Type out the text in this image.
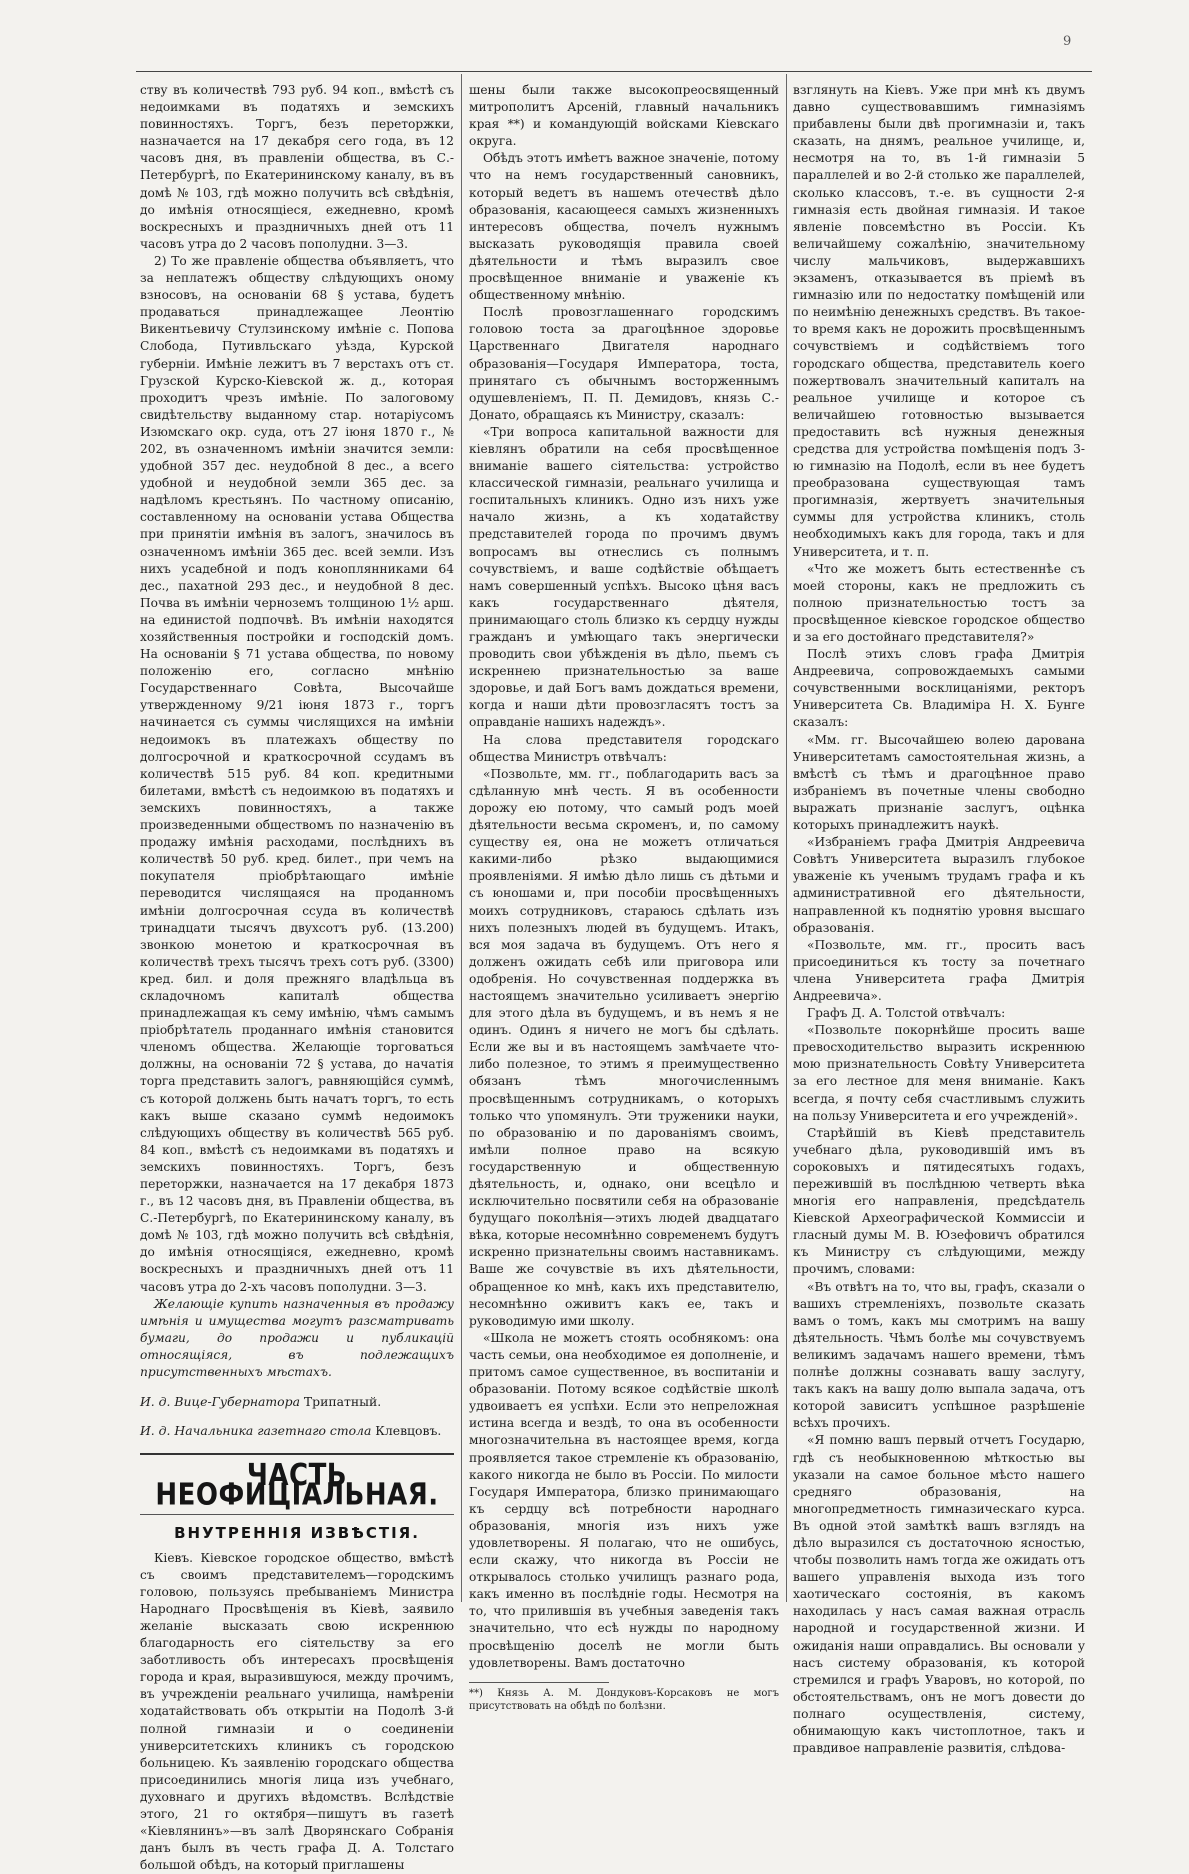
9

ству въ количествѣ 793 руб. 94 коп., вмѣстѣ съ недоимками въ податяхъ и земскихъ повинностяхъ. Торгъ, безъ переторжки, назначается на 17 декабря сего года, въ 12 часовъ дня, въ правленіи общества, въ С.-Петербургѣ, по Екатерининскому каналу, въ въ домѣ № 103, гдѣ можно получить всѣ свѣдѣнія, до имѣнія относящіеся, ежедневно, кромѣ воскресныхъ и праздничныхъ дней отъ 11 часовъ утра до 2 часовъ пополудни. 3—3.

2) То же правленіе общества объявляетъ, что за неплатежъ обществу слѣдующихъ оному взносовъ, на основаніи 68 § устава, будетъ продаваться принадлежащее Леонтію Викентьевичу Стулзинскому имѣніе с. Попова Слобода, Путивльскаго уѣзда, Курской губерніи. Имѣніе лежитъ въ 7 верстахъ отъ ст. Грузской Курско-Кіевской ж. д., которая проходитъ чрезъ имѣніе. По залоговому свидѣтельству выданному стар. нотаріусомъ Изюмскаго окр. суда, отъ 27 іюня 1870 г., № 202, въ означенномъ имѣніи значится земли: удобной 357 дес. неудобной 8 дес., а всего удобной и неудобной земли 365 дес. за надѣломъ крестьянъ. По частному описанію, составленному на основаніи устава Общества при принятіи имѣнія въ залогъ, значилось въ означенномъ имѣніи 365 дес. всей земли. Изъ нихъ усадебной и подъ коноплянниками 64 дес., пахатной 293 дес., и неудобной 8 дес. Почва въ имѣніи черноземъ толщиною 1½ арш. на единистой подпочвѣ. Въ имѣніи находятся хозяйственныя постройки и господскій домъ. На основаніи § 71 устава общества, по новому положенію его, согласно мнѣнію Государственнаго Совѣта, Высочайше утвержденному 9/21 іюня 1873 г., торгъ начинается съ суммы числящихся на имѣніи недоимокъ въ платежахъ обществу по долгосрочной и краткосрочной ссудамъ въ количествѣ 515 руб. 84 коп. кредитными билетами, вмѣстѣ съ недоимкою въ податяхъ и земскихъ повинностяхъ, а также произведенными обществомъ по назначенію въ продажу имѣнія расходами, послѣднихъ въ количествѣ 50 руб. кред. билет., при чемъ на покупателя пріобрѣтающаго имѣніе переводится числящаяся на проданномъ имѣніи долгосрочная ссуда въ количествѣ тринадцати тысячъ двухсотъ руб. (13.200) звонкою монетою и краткосрочная въ количествѣ трехъ тысячъ трехъ сотъ руб. (3300) кред. бил. и доля прежняго владѣльца въ складочномъ капиталѣ общества принадлежащая къ сему имѣнію, чѣмъ самымъ пріобрѣтатель проданнаго имѣнія становится членомъ общества. Желающіе торговаться должны, на основаніи 72 § устава, до начатія торга представить залогъ, равняющійся суммѣ, съ которой должень быть начатъ торгъ, то есть какъ выше сказано суммѣ недоимокъ слѣдующихъ обществу въ количествѣ 565 руб. 84 коп., вмѣстѣ съ недоимками въ податяхъ и земскихъ повинностяхъ. Торгъ, безъ переторжки, назначается на 17 декабря 1873 г., въ 12 часовъ дня, въ Правленіи общества, въ С.-Петербургѣ, по Екатерининскому каналу, въ домѣ № 103, гдѣ можно получить всѣ свѣдѣнія, до имѣнія относящіяся, ежедневно, кромѣ воскресныхъ и праздничныхъ дней отъ 11 часовъ утра до 2-хъ часовъ пополудни. 3—3.

Желающіе купить назначенныя въ продажу имѣнія и имущества могутъ разсматривать бумаги, до продажи и публикацій относящіяся, въ подлежащихъ присутственныхъ мѣстахъ.

И. д. Вице-Губернатора Трипатный.

И. д. Начальника газетнаго стола Клевцовъ.

ЧАСТЬ НЕОФИЦІАЛЬНАЯ.
ВНУТРЕННІЯ ИЗВѢСТІЯ.

Кіевъ. Кіевское городское общество, вмѣстѣ съ своимъ представителемъ—городскимъ головою, пользуясь пребываніемъ Министра Народнаго Просвѣщенія въ Кіевѣ, заявило желаніе высказать свою искреннюю благодарность его сіятельству за его заботливость объ интересахъ просвѣщенія города и края, выразившуюся, между прочимъ, въ учрежденіи реальнаго училища, намѣреніи ходатайствовать объ открытіи на Подолѣ 3-й полной гимназіи и о соединеніи университетскихъ клиникъ съ городскою больницею. Къ заявленію городскаго общества присоединились многія лица изъ учебнаго, духовнаго и другихъ вѣдомствъ. Вслѣдствіе этого, 21 го октября—пишутъ въ газетѣ «Кіевлянинъ»—въ залѣ Дворянскаго Собранія данъ былъ въ честь графа Д. А. Толстаго большой обѣдъ, на который приглашены

шены были также высокопреосвященный митрополитъ Арсеній, главный начальникъ края **) и командующій войсками Кіевскаго округа.

Обѣдъ этотъ имѣетъ важное значеніе, потому что на немъ государственный сановникъ, который ведетъ въ нашемъ отечествѣ дѣло образованія, касающееся самыхъ жизненныхъ интересовъ общества, почелъ нужнымъ высказать руководящія правила своей дѣятельности и тѣмъ выразилъ свое просвѣщенное вниманіе и уваженіе къ общественному мнѣнію.

Послѣ провозглашеннаго городскимъ головою тоста за драгоцѣнное здоровье Царственнаго Двигателя народнаго образованія—Государя Императора, тоста, принятаго съ обычнымъ восторженнымъ одушевленіемъ, П. П. Демидовъ, князь С.-Донато, обращаясь къ Министру, сказалъ:

«Три вопроса капитальной важности для кіевлянъ обратили на себя просвѣщенное вниманіе вашего сіятельства: устройство классической гимназіи, реальнаго училища и госпитальныхъ клиникъ. Одно изъ нихъ уже начало жизнь, а къ ходатайству представителей города по прочимъ двумъ вопросамъ вы отнеслись съ полнымъ сочувствіемъ, и ваше содѣйствіе обѣщаетъ намъ совершенный успѣхъ. Высоко цѣня васъ какъ государственнаго дѣятеля, принимающаго столь близко къ сердцу нужды гражданъ и умѣющаго такъ энергически проводить свои убѣжденія въ дѣло, пьемъ съ искреннею признательностью за ваше здоровье, и дай Богъ вамъ дождаться времени, когда и наши дѣти провозгласятъ тостъ за оправданіе нашихъ надеждъ».

На слова представителя городскаго общества Министръ отвѣчалъ:

«Позвольте, мм. гг., поблагодарить васъ за сдѣланную мнѣ честь. Я въ особенности дорожу ею потому, что самый родъ моей дѣятельности весьма скроменъ, и, по самому существу ея, она не можетъ отличаться какими-либо рѣзко выдающимися проявленіями. Я имѣю дѣло лишь съ дѣтьми и съ юношами и, при пособіи просвѣщенныхъ моихъ сотрудниковъ, стараюсь сдѣлать изъ нихъ полезныхъ людей въ будущемъ. Итакъ, вся моя задача въ будущемъ. Отъ него я долженъ ожидать себѣ или приговора или одобренія. Но сочувственная поддержка въ настоящемъ значительно усиливаетъ энергію для этого дѣла въ будущемъ, и въ немъ я не одинъ. Одинъ я ничего не могъ бы сдѣлать. Если же вы и въ настоящемъ замѣчаете что-либо полезное, то этимъ я преимущественно обязанъ тѣмъ многочисленнымъ просвѣщеннымъ сотрудникамъ, о которыхъ только что упомянулъ. Эти труженики науки, по образованію и по дарованіямъ своимъ, имѣли полное право на всякую государственную и общественную дѣятельность, и, однако, они всецѣло и исключительно посвятили себя на образованіе будущаго поколѣнія—этихъ людей двадцатаго вѣка, которые несомнѣнно современемъ будутъ искренно признательны своимъ наставникамъ. Ваше же сочувствіе въ ихъ дѣятельности, обращенное ко мнѣ, какъ ихъ представителю, несомнѣнно оживитъ какъ ее, такъ и руководимую ими школу.

«Школа не можетъ стоять особнякомъ: она часть семьи, она необходимое ея дополненіе, и притомъ самое существенное, въ воспитаніи и образованіи. Потому всякое содѣйствіе школѣ удвоиваетъ ея успѣхи. Если это непреложная истина всегда и вездѣ, то она въ особенности многозначительна въ настоящее время, когда проявляется такое стремленіе къ образованію, какого никогда не было въ Россіи. По милости Государя Императора, близко принимающаго къ сердцу всѣ потребности народнаго образованія, многія изъ нихъ уже удовлетворены. Я полагаю, что не ошибусь, если скажу, что никогда въ Россіи не открывалось столько училищъ разнаго рода, какъ именно въ послѣдніе годы. Несмотря на то, что прилившія въ учебныя заведенія такъ значительно, что есѣ нужды по народному просвѣщенію доселѣ не могли быть удовлетворены. Вамъ достаточно

**) Князь А. М. Дондуковъ-Корсаковъ не могъ присутствовать на обѣдѣ по болѣзни.

взглянуть на Кіевъ. Уже при мнѣ къ двумъ давно существовавшимъ гимназіямъ прибавлены были двѣ прогимназіи и, такъ сказать, на днямъ, реальное училище, и, несмотря на то, въ 1-й гимназіи 5 параллелей и во 2-й столько же параллелей, сколько классовъ, т.-е. въ сущности 2-я гимназія есть двойная гимназія. И такое явленіе повсемѣстно въ Россіи. Къ величайшему сожалѣнію, значительному числу мальчиковъ, выдержавшихъ экзаменъ, отказывается въ пріемѣ въ гимназію или по недостатку помѣщеній или по неимѣнію денежныхъ средствъ. Въ такое-то время какъ не дорожить просвѣщеннымъ сочувствіемъ и содѣйствіемъ того городскаго общества, представитель коего пожертвовалъ значительный капиталъ на реальное училище и которое съ величайшею готовностью вызывается предоставить всѣ нужныя денежныя средства для устройства помѣщенія подъ 3-ю гимназію на Подолѣ, если въ нее будетъ преобразована существующая тамъ прогимназія, жертвуетъ значительныя суммы для устройства клиникъ, столь необходимыхъ какъ для города, такъ и для Университета, и т. п.

«Что же можетъ быть естественнѣе съ моей стороны, какъ не предложить съ полною признательностью тостъ за просвѣщенное кіевское городское общество и за его достойнаго представителя?»

Послѣ этихъ словъ графа Дмитрія Андреевича, сопровождаемыхъ самыми сочувственными восклицаніями, ректоръ Университета Св. Владиміра Н. Х. Бунге сказалъ:

«Мм. гг. Высочайшею волею дарована Университетамъ самостоятельная жизнь, а вмѣстѣ съ тѣмъ и драгоцѣнное право избраніемъ въ почетные члены свободно выражать признаніе заслугъ, оцѣнка которыхъ принадлежитъ наукѣ.

«Избраніемъ графа Дмитрія Андреевича Совѣтъ Университета выразилъ глубокое уваженіе къ ученымъ трудамъ графа и къ административной его дѣятельности, направленной къ поднятію уровня высшаго образованія.

«Позвольте, мм. гг., просить васъ присоединиться къ тосту за почетнаго члена Университета графа Дмитрія Андреевича».

Графъ Д. А. Толстой отвѣчалъ:

«Позвольте покорнѣйше просить ваше превосходительство выразить искреннюю мою признательность Совѣту Университета за его лестное для меня вниманіе. Какъ всегда, я почту себя счастливымъ служить на пользу Университета и его учрежденій».

Старѣйшій въ Кіевѣ представитель учебнаго дѣла, руководившій имъ въ сороковыхъ и пятидесятыхъ годахъ, пережившій въ послѣднюю четверть вѣка многія его направленія, предсѣдатель Кіевской Археографической Коммиссіи и гласный думы М. В. Юзефовичъ обратился къ Министру съ слѣдующими, между прочимъ, словами:

«Въ отвѣтъ на то, что вы, графъ, сказали о вашихъ стремленіяхъ, позвольте сказать вамъ о томъ, какъ мы смотримъ на вашу дѣятельность. Чѣмъ болѣе мы сочувствуемъ великимъ задачамъ нашего времени, тѣмъ полнѣе должны сознавать вашу заслугу, такъ какъ на вашу долю выпала задача, отъ которой зависитъ успѣшное разрѣшеніе всѣхъ прочихъ.

«Я помню вашъ первый отчетъ Государю, гдѣ съ необыкновенною мѣткостью вы указали на самое больное мѣсто нашего средняго образованія, на многопредметность гимназическаго курса. Въ одной этой замѣткѣ вашъ взглядъ на дѣло выразился съ достаточною ясностью, чтобы позволить намъ тогда же ожидать отъ вашего управленія выхода изъ того хаотическаго состоянія, въ какомъ находилась у насъ самая важная отрасль народной и государственной жизни. И ожиданія наши оправдались. Вы основали у насъ систему образованія, къ которой стремился и графъ Уваровъ, но которой, по обстоятельствамъ, онъ не могъ довести до полнаго осуществленія, систему, обнимающую какъ чистоплотное, такъ и правдивое направленіе развитія, слѣдова-
